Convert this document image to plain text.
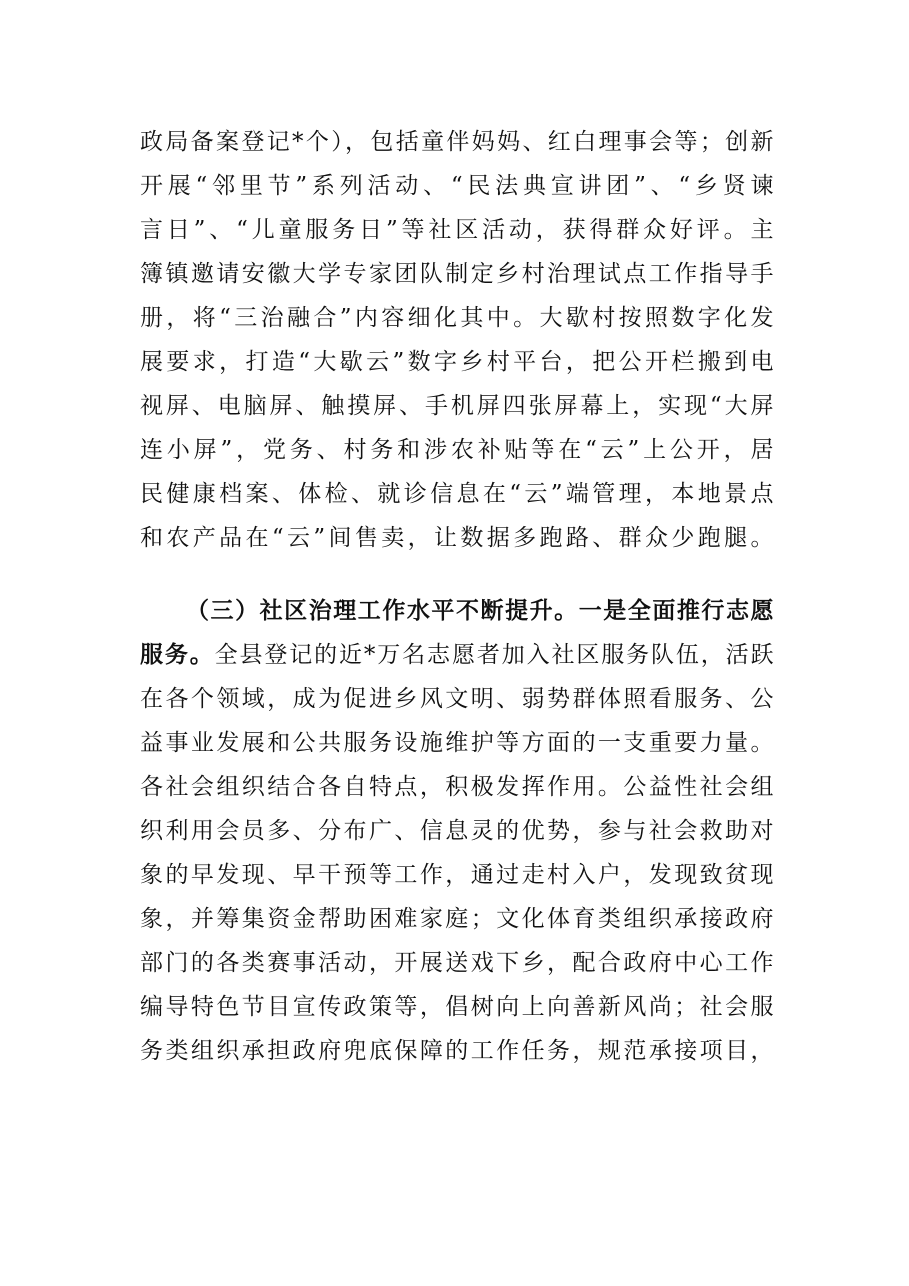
政局备案登记*个），包括童伴妈妈、红白理事会等；创新
开展“邻里节”系列活动、“民法典宣讲团”、“乡贤谏
言日”、“儿童服务日”等社区活动，获得群众好评。主
簿镇邀请安徽大学专家团队制定乡村治理试点工作指导手
册，将“三治融合”内容细化其中。大歇村按照数字化发
展要求，打造“大歇云”数字乡村平台，把公开栏搬到电
视屏、电脑屏、触摸屏、手机屏四张屏幕上，实现“大屏
连小屏”，党务、村务和涉农补贴等在“云”上公开，居
民健康档案、体检、就诊信息在“云”端管理，本地景点
和农产品在“云”间售卖，让数据多跑路、群众少跑腿。
（三）社区治理工作水平不断提升。一是全面推行志愿
服务。全县登记的近*万名志愿者加入社区服务队伍，活跃
在各个领域，成为促进乡风文明、弱势群体照看服务、公
益事业发展和公共服务设施维护等方面的一支重要力量。
各社会组织结合各自特点，积极发挥作用。公益性社会组
织利用会员多、分布广、信息灵的优势，参与社会救助对
象的早发现、早干预等工作，通过走村入户，发现致贫现
象，并筹集资金帮助困难家庭；文化体育类组织承接政府
部门的各类赛事活动，开展送戏下乡，配合政府中心工作
编导特色节目宣传政策等，倡树向上向善新风尚；社会服
务类组织承担政府兜底保障的工作任务，规范承接项目，
